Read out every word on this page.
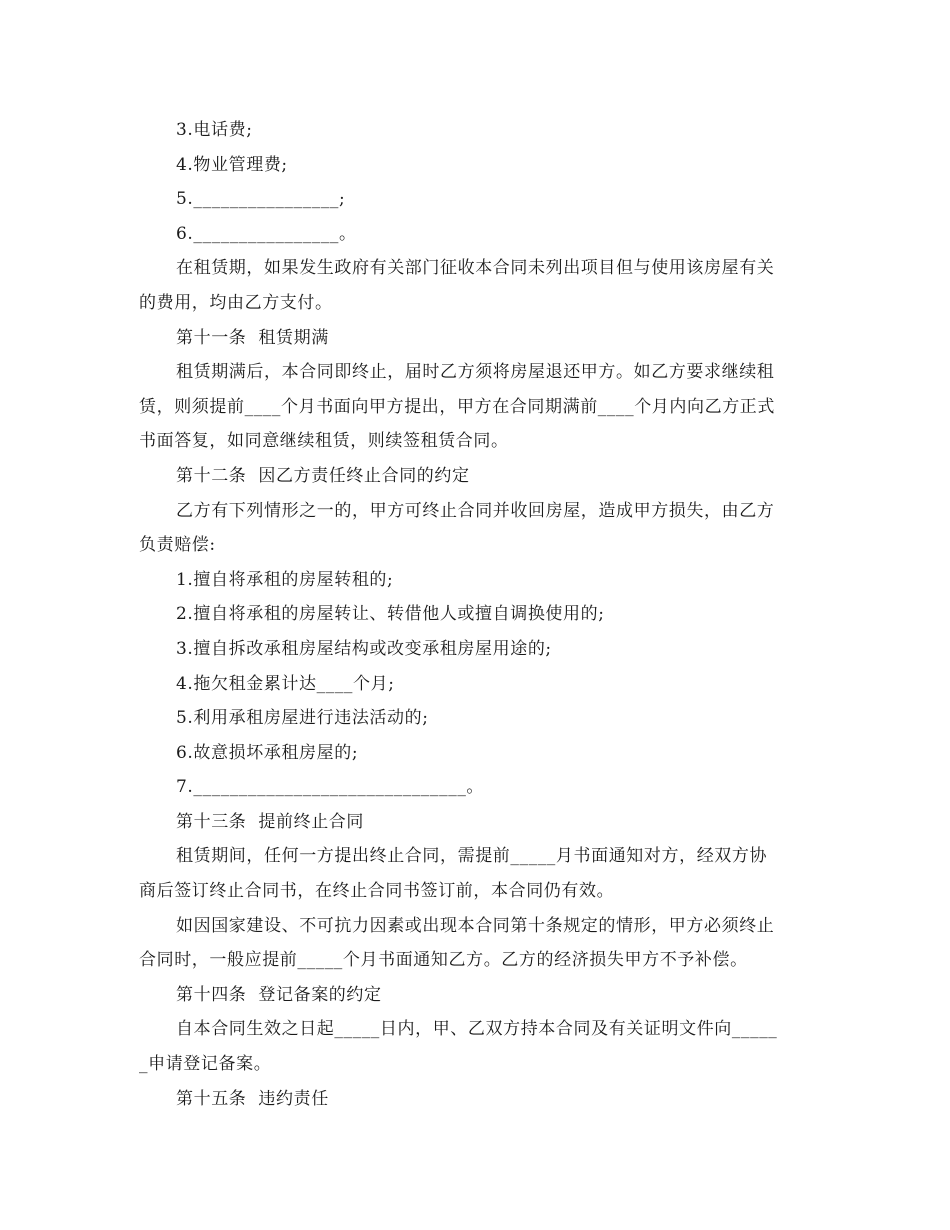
3.电话费;
4.物业管理费;
5.________________;
6.________________。
在租赁期，如果发生政府有关部门征收本合同未列出项目但与使用该房屋有关
的费用，均由乙方支付。
第十一条  租赁期满
租赁期满后，本合同即终止，届时乙方须将房屋退还甲方。如乙方要求继续租
赁，则须提前____个月书面向甲方提出，甲方在合同期满前____个月内向乙方正式
书面答复，如同意继续租赁，则续签租赁合同。
第十二条  因乙方责任终止合同的约定
乙方有下列情形之一的，甲方可终止合同并收回房屋，造成甲方损失，由乙方
负责赔偿:
1.擅自将承租的房屋转租的;
2.擅自将承租的房屋转让、转借他人或擅自调换使用的;
3.擅自拆改承租房屋结构或改变承租房屋用途的;
4.拖欠租金累计达____个月;
5.利用承租房屋进行违法活动的;
6.故意损坏承租房屋的;
7.______________________________。
第十三条  提前终止合同
租赁期间，任何一方提出终止合同，需提前_____月书面通知对方，经双方协
商后签订终止合同书，在终止合同书签订前，本合同仍有效。
如因国家建设、不可抗力因素或出现本合同第十条规定的情形，甲方必须终止
合同时，一般应提前_____个月书面通知乙方。乙方的经济损失甲方不予补偿。
第十四条  登记备案的约定
自本合同生效之日起_____日内，甲、乙双方持本合同及有关证明文件向_____
_申请登记备案。
第十五条  违约责任
